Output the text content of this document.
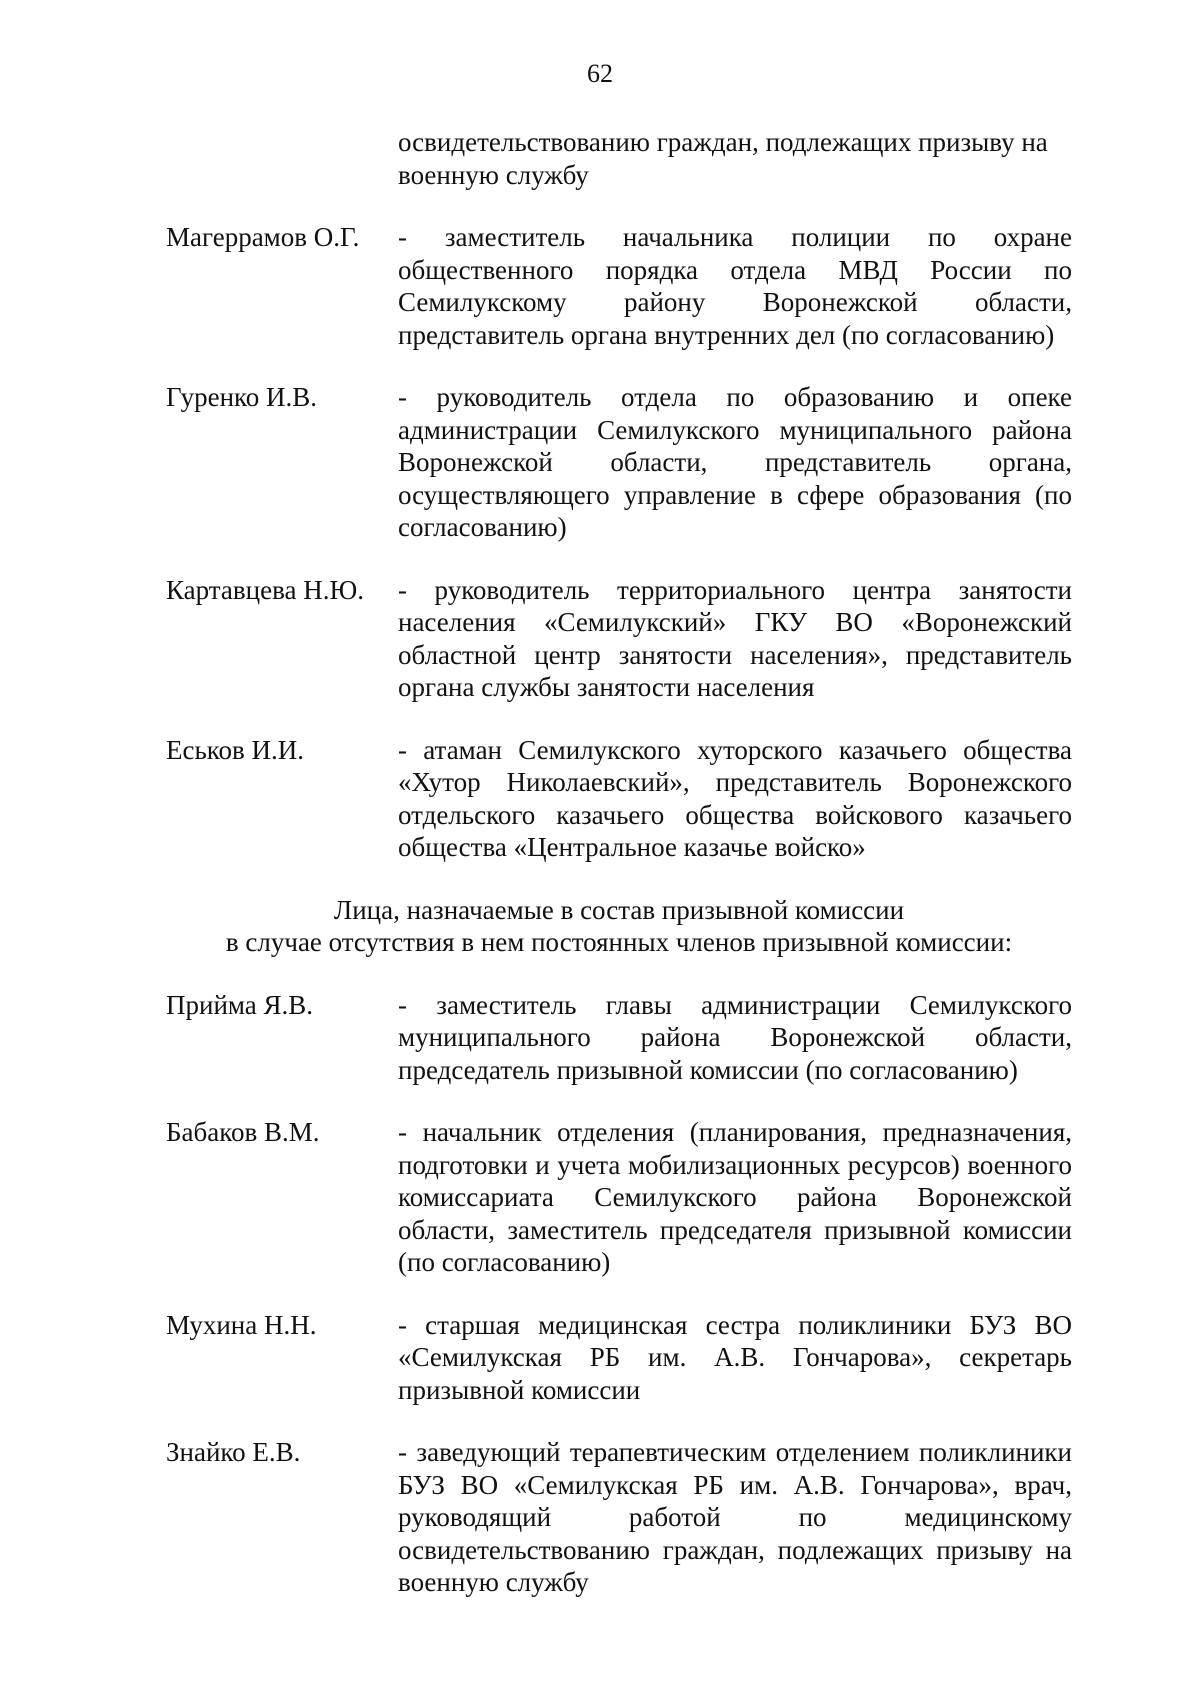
62
освидетельствованию граждан, подлежащих призыву на военную службу
Магеррамов О.Г.	- заместитель начальника полиции по охране общественного порядка отдела МВД России по Семилукскому району Воронежской области, представитель органа внутренних дел (по согласованию)
Гуренко И.В.	- руководитель отдела по образованию и опеке администрации Семилукского муниципального района Воронежской области, представитель органа, осуществляющего управление в сфере образования (по согласованию)
Картавцева Н.Ю.	- руководитель территориального центра занятости населения «Семилукский» ГКУ ВО «Воронежский областной центр занятости населения», представитель органа службы занятости населения
Еськов И.И.	- атаман Семилукского хуторского казачьего общества «Хутор Николаевский», представитель Воронежского отдельского казачьего общества войскового казачьего общества «Центральное казачье войско»
Лица, назначаемые в состав призывной комиссии
в случае отсутствия в нем постоянных членов призывной комиссии:
Прийма Я.В.	- заместитель главы администрации Семилукского муниципального района Воронежской области, председатель призывной комиссии (по согласованию)
Бабаков В.М.	- начальник отделения (планирования, предназначения, подготовки и учета мобилизационных ресурсов) военного комиссариата Семилукского района Воронежской области, заместитель председателя призывной комиссии (по согласованию)
Мухина Н.Н.	- старшая медицинская сестра поликлиники БУЗ ВО «Семилукская РБ им. А.В. Гончарова», секретарь призывной комиссии
Знайко Е.В.	- заведующий терапевтическим отделением поликлиники БУЗ ВО «Семилукская РБ им. А.В. Гончарова», врач, руководящий работой по медицинскому освидетельствованию граждан, подлежащих призыву на военную службу
